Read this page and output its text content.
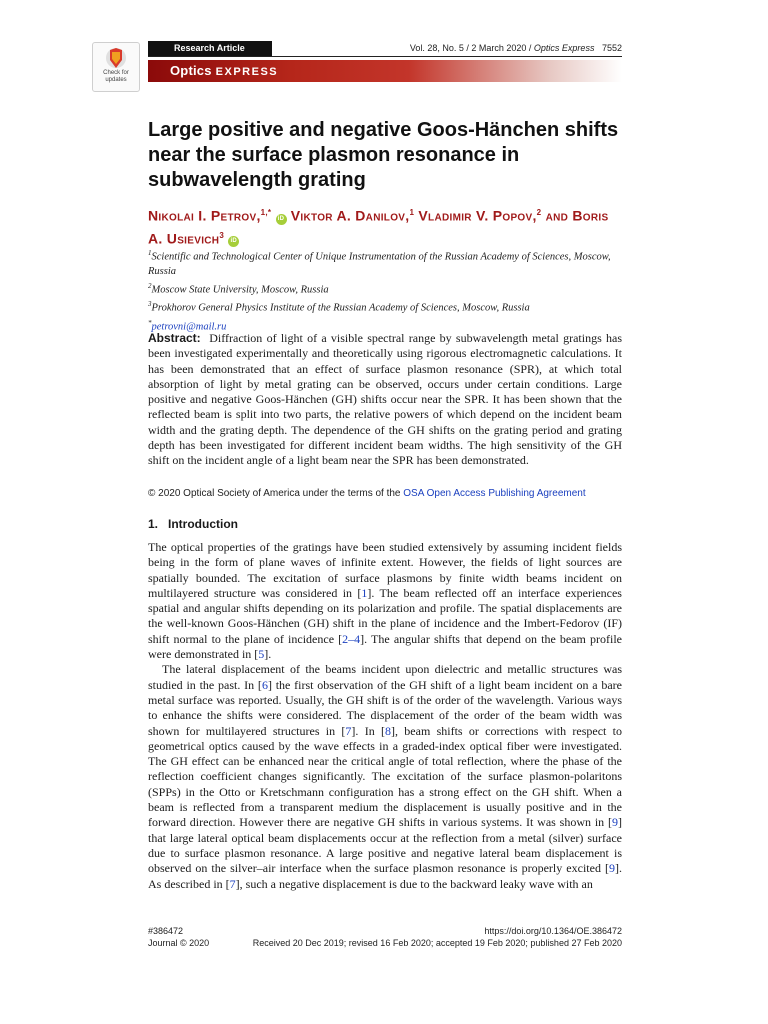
Check for
updates
Research Article	Vol. 28, No. 5 / 2 March 2020 / Optics Express 7552
Optics EXPRESS
Large positive and negative Goos-Hänchen shifts near the surface plasmon resonance in subwavelength grating
Nikolai I. Petrov,$^{1,*}$ iD Viktor A. Danilov,$^1$ Vladimir V. Popov,$^2$ and Boris A. Usievich$^3$ iD
$^1$Scientific and Technological Center of Unique Instrumentation of the Russian Academy of Sciences, Moscow, Russia
$^2$Moscow State University, Moscow, Russia
$^3$Prokhorov General Physics Institute of the Russian Academy of Sciences, Moscow, Russia
*petrovni@mail.ru
Abstract: Diffraction of light of a visible spectral range by subwavelength metal gratings has been investigated experimentally and theoretically using rigorous electromagnetic calculations. It has been demonstrated that an effect of surface plasmon resonance (SPR), at which total absorption of light by metal grating can be observed, occurs under certain conditions. Large positive and negative Goos-Hänchen (GH) shifts occur near the SPR. It has been shown that the reflected beam is split into two parts, the relative powers of which depend on the incident beam width and the grating depth. The dependence of the GH shifts on the grating period and grating depth has been investigated for different incident beam widths. The high sensitivity of the GH shift on the incident angle of a light beam near the SPR has been demonstrated.
© 2020 Optical Society of America under the terms of the OSA Open Access Publishing Agreement
1. Introduction

The optical properties of the gratings have been studied extensively by assuming incident fields being in the form of plane waves of infinite extent. However, the fields of light sources are spatially bounded. The excitation of surface plasmons by finite width beams incident on multilayered structure was considered in [1]. The beam reflected off an interface experiences spatial and angular shifts depending on its polarization and profile. The spatial displacements are the well-known Goos-Hänchen (GH) shift in the plane of incidence and the Imbert-Fedorov (IF) shift normal to the plane of incidence [2–4]. The angular shifts that depend on the beam profile were demonstrated in [5].

The lateral displacement of the beams incident upon dielectric and metallic structures was studied in the past. In [6] the first observation of the GH shift of a light beam incident on a bare metal surface was reported. Usually, the GH shift is of the order of the wavelength. Various ways to enhance the shifts were considered. The displacement of the order of the beam width was shown for multilayered structures in [7]. In [8], beam shifts or corrections with respect to geometrical optics caused by the wave effects in a graded-index optical fiber were investigated. The GH effect can be enhanced near the critical angle of total reflection, where the phase of the reflection coefficient changes significantly. The excitation of the surface plasmon-polaritons (SPPs) in the Otto or Kretschmann configuration has a strong effect on the GH shift. When a beam is reflected from a transparent medium the displacement is usually positive and in the forward direction. However there are negative GH shifts in various systems. It was shown in [9] that large lateral optical beam displacements occur at the reflection from a metal (silver) surface due to surface plasmon resonance. A large positive and negative lateral beam displacement is observed on the silver–air interface when the surface plasmon resonance is properly excited [9]. As described in [7], such a negative displacement is due to the backward leaky wave with an

#386472
Journal © 2020
https://doi.org/10.1364/OE.386472
Received 20 Dec 2019; revised 16 Feb 2020; accepted 19 Feb 2020; published 27 Feb 2020
